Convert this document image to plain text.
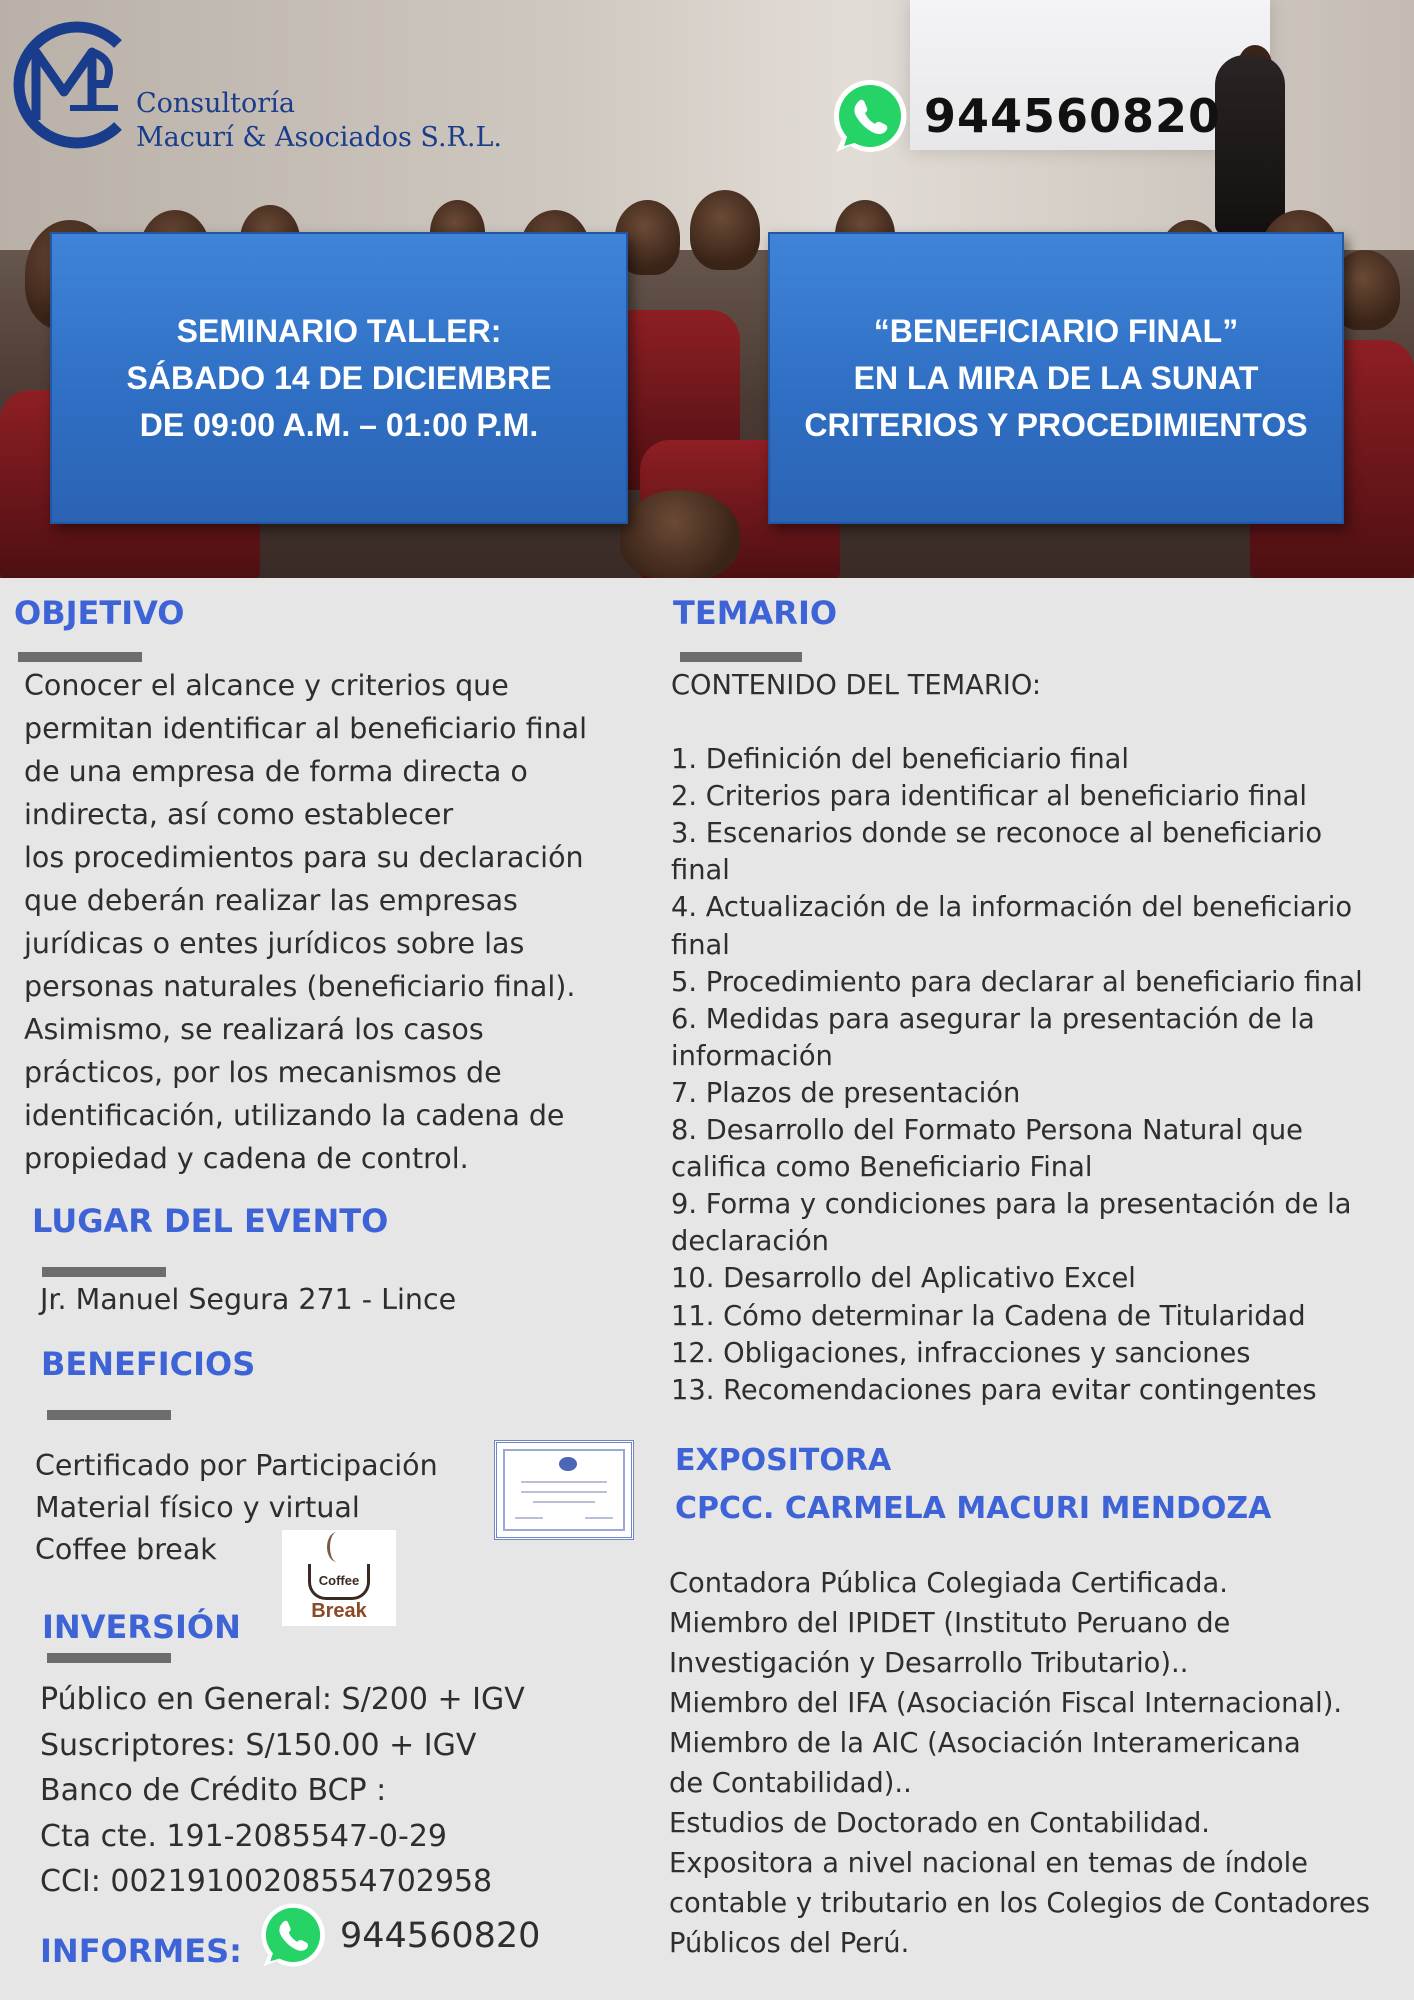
Consultoría
Macurí & Asociados S.R.L.	944560820
SEMINARIO TALLER:
SÁBADO 14 DE DICIEMBRE
DE 09:00 A.M. – 01:00 P.M.
“BENEFICIARIO FINAL”
EN LA MIRA DE LA SUNAT
CRITERIOS Y PROCEDIMIENTOS
OBJETIVO
Conocer el alcance y criterios que
permitan identificar al beneficiario final
de una empresa de forma directa o
indirecta, así como establecer
los procedimientos para su declaración
que deberán realizar las empresas
jurídicas o entes jurídicos sobre las
personas naturales (beneficiario final).
Asimismo, se realizará los casos
prácticos, por los mecanismos de
identificación, utilizando la cadena de
propiedad y cadena de control.
LUGAR DEL EVENTO
Jr. Manuel Segura 271 - Lince
BENEFICIOS
Certificado por Participación
Material físico y virtual
Coffee break
Coffee
Break
INVERSIÓN
Público en General: S/200 + IGV
Suscriptores: S/150.00 + IGV
Banco de Crédito BCP :
Cta cte. 191-2085547-0-29
CCI: 00219100208554702958
INFORMES:	944560820
TEMARIO
CONTENIDO DEL TEMARIO:
1. Definición del beneficiario final
2. Criterios para identificar al beneficiario final
3. Escenarios donde se reconoce al beneficiario
final
4. Actualización de la información del beneficiario
final
5. Procedimiento para declarar al beneficiario final
6. Medidas para asegurar la presentación de la
información
7. Plazos de presentación
8. Desarrollo del Formato Persona Natural que
califica como Beneficiario Final
9. Forma y condiciones para la presentación de la
declaración
10. Desarrollo del Aplicativo Excel
11. Cómo determinar la Cadena de Titularidad
12. Obligaciones, infracciones y sanciones
13. Recomendaciones para evitar contingentes
EXPOSITORA
CPCC. CARMELA MACURI MENDOZA
Contadora Pública Colegiada Certificada.
Miembro del IPIDET (Instituto Peruano de
Investigación y Desarrollo Tributario)..
Miembro del IFA (Asociación Fiscal Internacional).
Miembro de la AIC (Asociación Interamericana
de Contabilidad)..
Estudios de Doctorado en Contabilidad.
Expositora a nivel nacional en temas de índole
contable y tributario en los Colegios de Contadores
Públicos del Perú.
